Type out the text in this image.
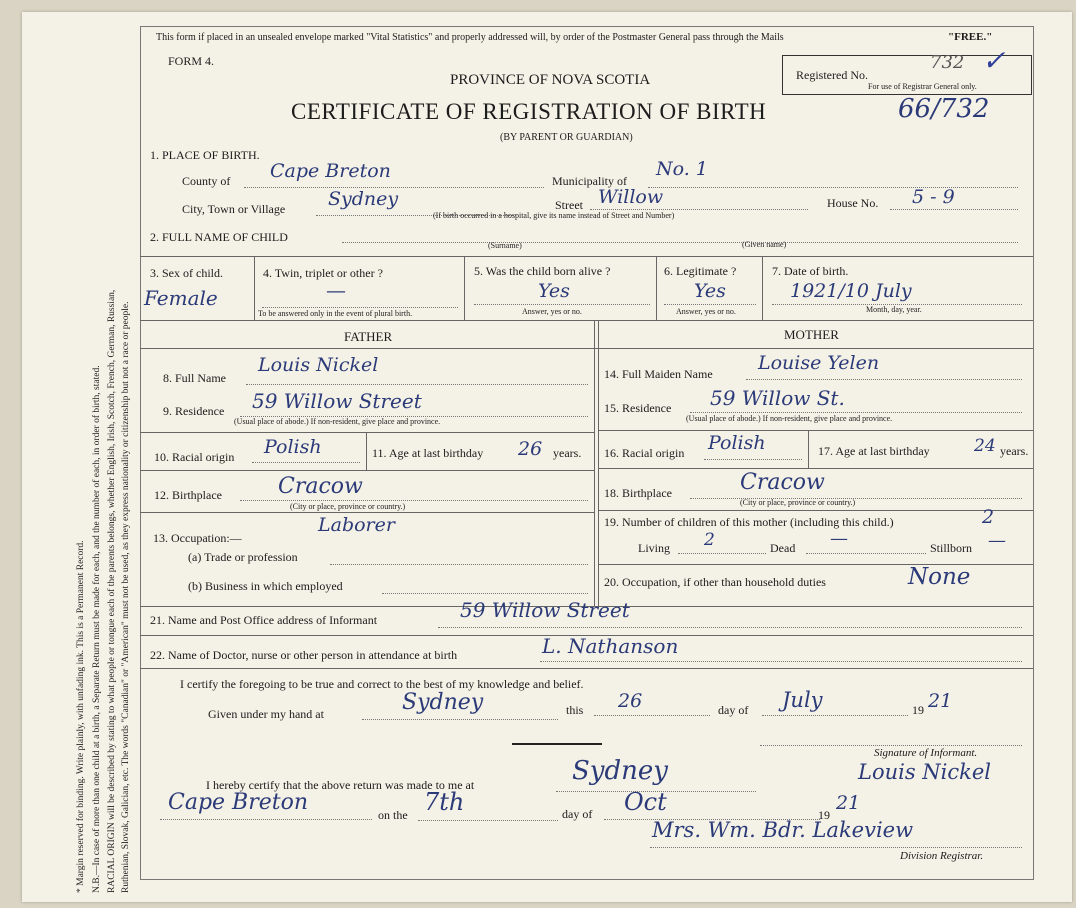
* Margin reserved for binding. Write plainly, with unfading ink. This is a Permanent Record. N.B.—In case of more than one child at a birth, a Separate Return must be made for each, and the number of each, in order of birth, stated. RACIAL ORIGIN will be described by stating to what people or tongue each of the parents belongs, whether English, Irish, Scotch, French, German, Russian, Ruthenian, Slovak, Galician, etc. The words "Canadian" or "American" must not be used, as they express nationality or citizenship but not a race or people.
This form if placed in an unsealed envelope marked "Vital Statistics" and properly addressed will, by order of the Postmaster General pass through the Mails	"FREE."
FORM 4.
PROVINCE OF NOVA SCOTIA
CERTIFICATE OF REGISTRATION OF BIRTH
(BY PARENT OR GUARDIAN)
Registered No.
732
For use of Registrar General only.
✓
66/732
1. PLACE OF BIRTH.
County of Cape Breton	Municipality of
No. 1
City, Town or Village Sydney	Street Willow	House No. 5 - 9
(If birth occurred in a hospital, give its name instead of Street and Number)
2. FULL NAME OF CHILD
(Surname)	(Given name)
3. Sex of child.
Female
4. Twin, triplet or other ?
—
To be answered only in the event of plural birth.
5. Was the child born alive ?
Yes
Answer, yes or no.
6. Legitimate ?
Yes
Answer, yes or no.
7. Date of birth.
1921/10 July
Month, day, year.
FATHER	MOTHER
8. Full Name
Louis Nickel
9. Residence 59 Willow Street
(Usual place of abode.) If non-resident, give place and province.
10. Racial origin Polish	11. Age at last birthday 26 years.
12. Birthplace	Cracow
(City or place, province or country.)
13. Occupation:—
Laborer
(a) Trade or profession
(b) Business in which employed
14. Full Maiden Name Louise Yelen
15. Residence 59 Willow St.
(Usual place of abode.) If non-resident, give place and province.
16. Racial origin Polish	17. Age at last birthday	24 years.
18. Birthplace	Cracow
(City or place, province or country.)
19. Number of children of this mother (including this child.)	2
Living 2	Dead —	Stillborn —
20. Occupation, if other than household duties	None
21. Name and Post Office address of Informant	59 Willow Street
22. Name of Doctor, nurse or other person in attendance at birth	L. Nathanson
I certify the foregoing to be true and correct to the best of my knowledge and belief.
Given under my hand at	Sydney	this 26	day of July	19 21
Signature of Informant.
Louis Nickel
I hereby certify that the above return was made to me at	Sydney
Cape Breton	on the 7th	day of Oct	19
21
Mrs. Wm. Bdr. Lakeview
Division Registrar.
